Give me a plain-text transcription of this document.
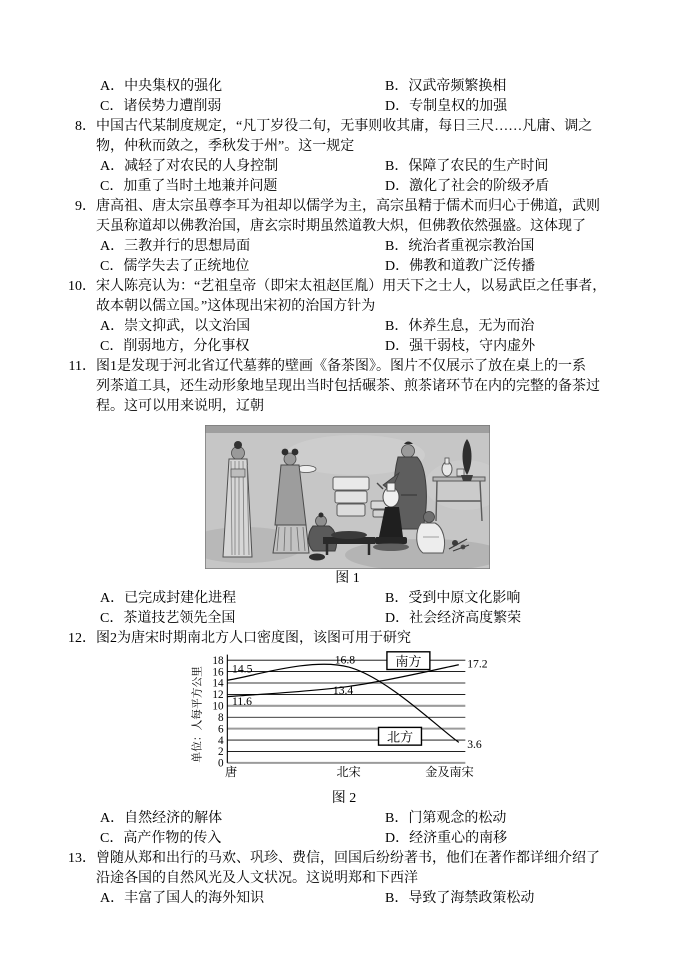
A．中央集权的强化	B．汉武帝频繁换相
C．诸侯势力遭削弱	D．专制皇权的加强
8． 中国古代某制度规定，“凡丁岁役二旬，无事则收其庸，每日三尺……凡庸、调之
物，仲秋而敛之，季秋发于州”。这一规定
A．减轻了对农民的人身控制	B．保障了农民的生产时间
C．加重了当时土地兼并问题	D．激化了社会的阶级矛盾
9． 唐高祖、唐太宗虽尊李耳为祖却以儒学为主，高宗虽精于儒术而归心于佛道，武则
天虽称道却以佛教治国，唐玄宗时期虽然道教大炽，但佛教依然强盛。这体现了
A．三教并行的思想局面	B．统治者重视宗教治国
C．儒学失去了正统地位	D．佛教和道教广泛传播
10． 宋人陈亮认为：“艺祖皇帝（即宋太祖赵匡胤）用天下之士人，以易武臣之任事者，
故本朝以儒立国。”这体现出宋初的治国方针为
A．崇文抑武，以文治国	B．休养生息，无为而治
C．削弱地方，分化事权	D．强干弱枝，守内虚外
11． 图1是发现于河北省辽代墓葬的壁画《备茶图》。图片不仅展示了放在桌上的一系
列茶道工具，还生动形象地呈现出当时包括碾茶、煎茶诸环节在内的完整的备茶过
程。这可以用来说明，辽朝
图 1
A．已完成封建化进程	B．受到中原文化影响
C．茶道技艺领先全国	D．社会经济高度繁荣
12． 图2为唐宋时期南北方人口密度图，该图可用于研究
0
2
4
6
8
10
12
14
16
18
唐	北宋	金及南宋
单位：人每平方公里 14.5
16.8
3.6
北方
11.6
13.4
17.2
南方
图 2
A．自然经济的解体	B．门第观念的松动
C．高产作物的传入	D．经济重心的南移
13． 曾随从郑和出行的马欢、巩珍、费信，回国后纷纷著书，他们在著作都详细介绍了
沿途各国的自然风光及人文状况。这说明郑和下西洋
A．丰富了国人的海外知识	B．导致了海禁政策松动
